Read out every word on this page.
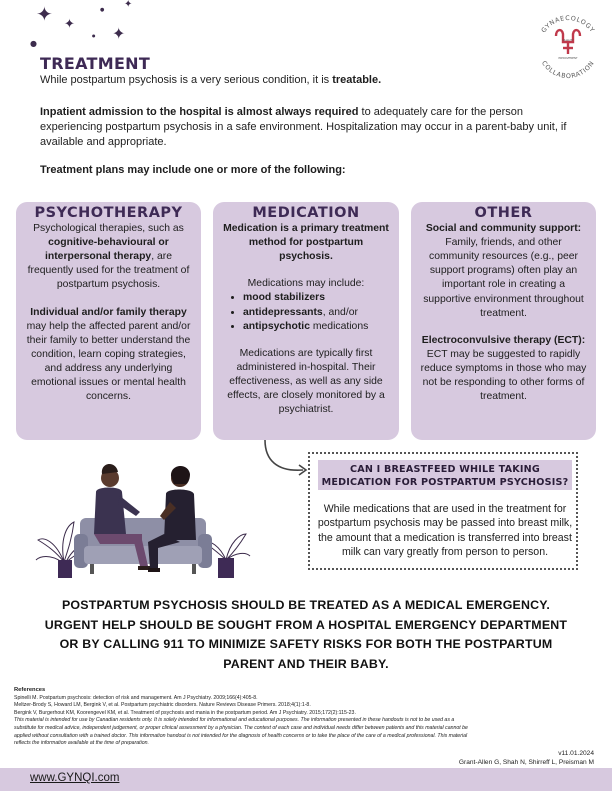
✦ ✦ ✦
✦
●
●
●
GYNAECOLOGY
COLLABORATION
QUALITY
IMPROVEMENT
TREATMENT
While postpartum psychosis is a very serious condition, it is treatable.
Inpatient admission to the hospital is almost always required to adequately care for the person experiencing postpartum psychosis in a safe environment. Hospitalization may occur in a parent-baby unit, if available and appropriate.
Treatment plans may include one or more of the following:
PSYCHOTHERAPY

Psychological therapies, such as cognitive-behavioural or interpersonal therapy, are frequently used for the treatment of postpartum psychosis.

Individual and/or family therapy may help the affected parent and/or their family to better understand the condition, learn coping strategies, and address any underlying emotional issues or mental health concerns.

MEDICATION

Medication is a primary treatment method for postpartum psychosis.

Medications may include:

• mood stabilizers
• antidepressants, and/or
• antipsychotic medications

Medications are typically first administered in-hospital. Their effectiveness, as well as any side effects, are closely monitored by a psychiatrist.

OTHER

Social and community support: Family, friends, and other community resources (e.g., peer support programs) often play an important role in creating a supportive environment throughout treatment.

Electroconvulsive therapy (ECT): ECT may be suggested to rapidly reduce symptoms in those who may not be responding to other forms of treatment.

CAN I BREASTFEED WHILE TAKING MEDICATION FOR POSTPARTUM PSYCHOSIS?
While medications that are used in the treatment for postpartum psychosis may be passed into breast milk, the amount that a medication is transferred into breast milk can vary greatly from person to person.
POSTPARTUM PSYCHOSIS SHOULD BE TREATED AS A MEDICAL EMERGENCY. URGENT HELP SHOULD BE SOUGHT FROM A HOSPITAL EMERGENCY DEPARTMENT OR BY CALLING 911 TO MINIMIZE SAFETY RISKS FOR BOTH THE POSTPARTUM PARENT AND THEIR BABY.
References
Spinelli M. Postpartum psychosis: detection of risk and management. Am J Psychiatry. 2009;166(4):405-8.
Meltzer-Brody S, Howard LM, Bergink V, et al. Postpartum psychiatric disorders. Nature Reviews Disease Primers. 2018;4(1):1-8.
Bergink V, Burgerhout KM, Koorengevel KM, et al. Treatment of psychosis and mania in the postpartum period. Am J Psychiatry. 2015;172(2):115-23.
This material is intended for use by Canadian residents only. It is solely intended for informational and educational purposes. The information presented in these handouts is not to be used as a substitute for medical advice, independent judgement, or proper clinical assessment by a physician. The context of each case and individual needs differ between patients and this material cannot be applied without consultation with a trained doctor. This information handout is not intended for the diagnosis of health concerns or to take the place of the care of a medical professional. This material reflects the information available at the time of preparation.
v11.01.2024
Grant-Allen G, Shah N, Shirreff L, Preisman M
www.GYNQI.com
